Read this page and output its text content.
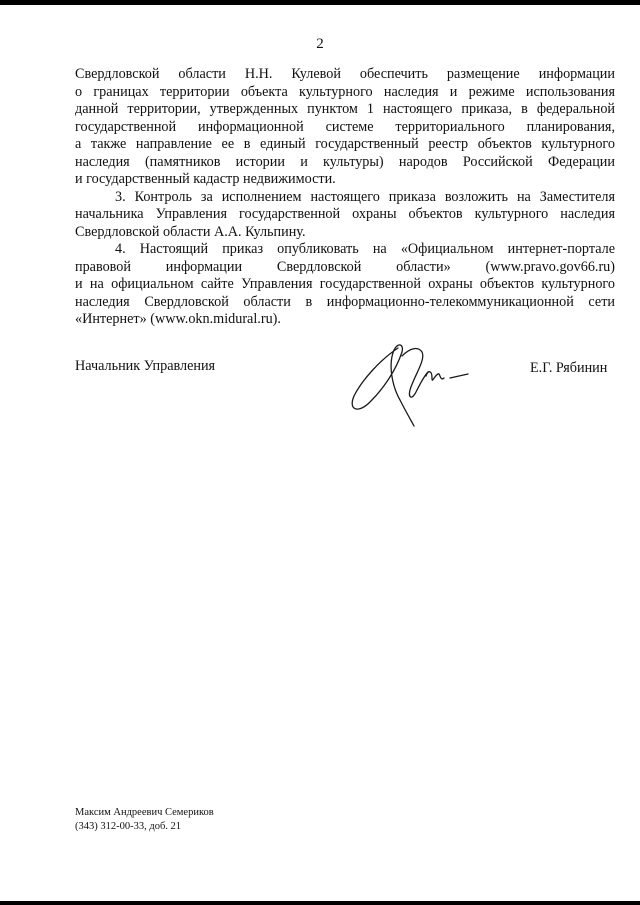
2

Свердловской области Н.Н. Кулевой обеспечить размещение информации
о границах территории объекта культурного наследия и режиме использования
данной территории, утвержденных пунктом 1 настоящего приказа, в федеральной
государственной информационной системе территориального планирования,
а также направление ее в единый государственный реестр объектов культурного
наследия (памятников истории и культуры) народов Российской Федерации
и государственный кадастр недвижимости.

3. Контроль за исполнением настоящего приказа возложить на Заместителя
начальника Управления государственной охраны объектов культурного наследия
Свердловской области А.А. Кульпину.

4. Настоящий приказ опубликовать на «Официальном интернет-портале
правовой информации Свердловской области» (www.pravo.gov66.ru)
и на официальном сайте Управления государственной охраны объектов культурного
наследия Свердловской области в информационно-телекоммуникационной сети
«Интернет» (www.okn.midural.ru).

Начальник Управления	Е.Г. Рябинин
Максим Андреевич Семериков
(343) 312-00-33, доб. 21
